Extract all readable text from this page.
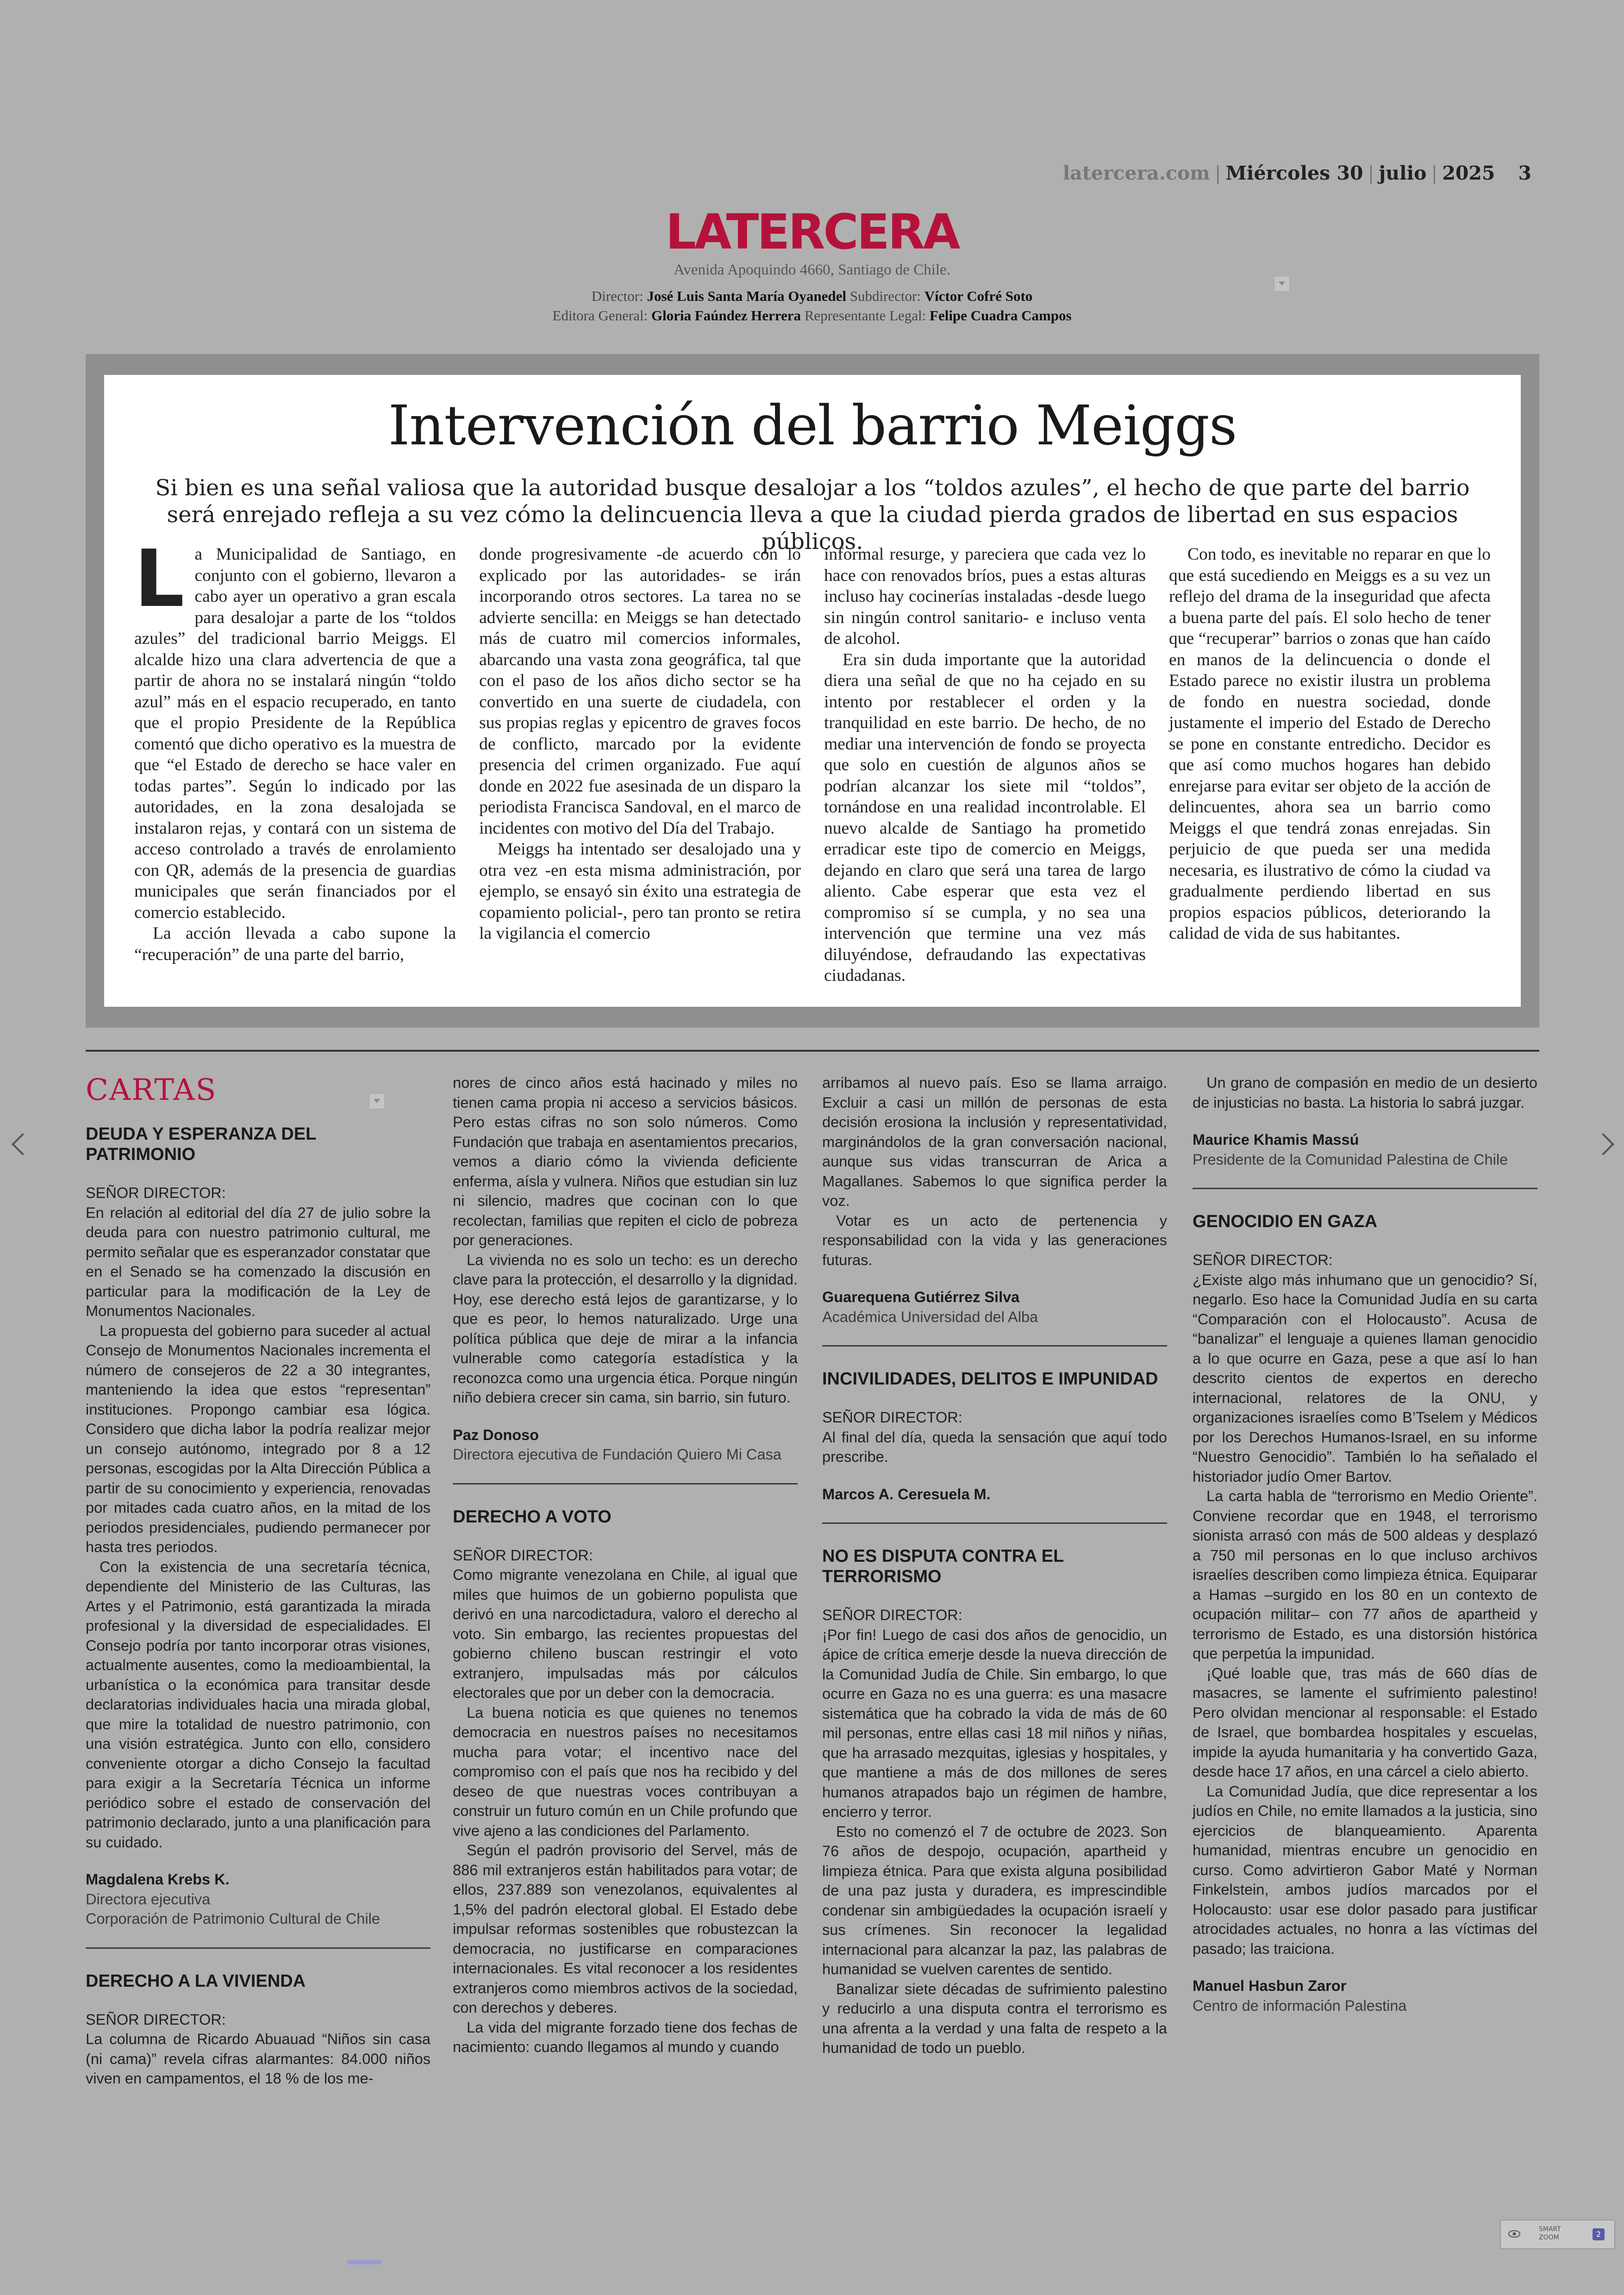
latercera.com | Miércoles 30 | julio | 2025 3
LATERCERA
Avenida Apoquindo 4660, Santiago de Chile.
Director: José Luis Santa María Oyanedel Subdirector: Víctor Cofré Soto
Editora General: Gloria Faúndez Herrera Representante Legal: Felipe Cuadra Campos
Intervención del barrio Meiggs
Si bien es una señal valiosa que la autoridad busque desalojar a los “toldos azules”, el hecho de que parte del barrio será enrejado refleja a su vez cómo la delincuencia lleva a que la ciudad pierda grados de libertad en sus espacios públicos.

La Municipalidad de Santiago, en conjunto con el gobierno, llevaron a cabo ayer un operativo a gran escala para desalojar a parte de los “toldos azules” del tradicional barrio Meiggs. El alcalde hizo una clara advertencia de que a partir de ahora no se instalará ningún “toldo azul” más en el espacio recuperado, en tanto que el propio Presidente de la República comentó que dicho operativo es la muestra de que “el Estado de derecho se hace valer en todas partes”. Según lo indicado por las autoridades, en la zona desalojada se instalaron rejas, y contará con un sistema de acceso controlado a través de enrolamiento con QR, además de la presencia de guardias municipales que serán financiados por el comercio establecido.

La acción llevada a cabo supone la “recuperación” de una parte del barrio,

donde progresivamente -de acuerdo con lo explicado por las autoridades- se irán incorporando otros sectores. La tarea no se advierte sencilla: en Meiggs se han detectado más de cuatro mil comercios informales, abarcando una vasta zona geográfica, tal que con el paso de los años dicho sector se ha convertido en una suerte de ciudadela, con sus propias reglas y epicentro de graves focos de conflicto, marcado por la evidente presencia del crimen organizado. Fue aquí donde en 2022 fue asesinada de un disparo la periodista Francisca Sandoval, en el marco de incidentes con motivo del Día del Trabajo.

Meiggs ha intentado ser desalojado una y otra vez -en esta misma administración, por ejemplo, se ensayó sin éxito una estrategia de copamiento policial-, pero tan pronto se retira la vigilancia el comercio

informal resurge, y pareciera que cada vez lo hace con renovados bríos, pues a estas alturas incluso hay cocinerías instaladas -desde luego sin ningún control sanitario- e incluso venta de alcohol.

Era sin duda importante que la autoridad diera una señal de que no ha cejado en su intento por restablecer el orden y la tranquilidad en este barrio. De hecho, de no mediar una intervención de fondo se proyecta que solo en cuestión de algunos años se podrían alcanzar los siete mil “toldos”, tornándose en una realidad incontrolable. El nuevo alcalde de Santiago ha prometido erradicar este tipo de comercio en Meiggs, dejando en claro que será una tarea de largo aliento. Cabe esperar que esta vez el compromiso sí se cumpla, y no sea una intervención que termine una vez más diluyéndose, defraudando las expectativas ciudadanas.

Con todo, es inevitable no reparar en que lo que está sucediendo en Meiggs es a su vez un reflejo del drama de la inseguridad que afecta a buena parte del país. El solo hecho de tener que “recuperar” barrios o zonas que han caído en manos de la delincuencia o donde el Estado parece no existir ilustra un problema de fondo en nuestra sociedad, donde justamente el imperio del Estado de Derecho se pone en constante entredicho. Decidor es que así como muchos hogares han debido enrejarse para evitar ser objeto de la acción de delincuentes, ahora sea un barrio como Meiggs el que tendrá zonas enrejadas. Sin perjuicio de que pueda ser una medida necesaria, es ilustrativo de cómo la ciudad va gradualmente perdiendo libertad en sus propios espacios públicos, deteriorando la calidad de vida de sus habitantes.

CARTAS
DEUDA Y ESPERANZA DEL PATRIMONIO

SEÑOR DIRECTOR:

En relación al editorial del día 27 de julio sobre la deuda para con nuestro patrimonio cultural, me permito señalar que es esperanzador constatar que en el Senado se ha comenzado la discusión en particular para la modificación de la Ley de Monumentos Nacionales.

La propuesta del gobierno para suceder al actual Consejo de Monumentos Nacionales incrementa el número de consejeros de 22 a 30 integrantes, manteniendo la idea que estos “representan” instituciones. Propongo cambiar esa lógica. Considero que dicha labor la podría realizar mejor un consejo autónomo, integrado por 8 a 12 personas, escogidas por la Alta Dirección Pública a partir de su conocimiento y experiencia, renovadas por mitades cada cuatro años, en la mitad de los periodos presidenciales, pudiendo permanecer por hasta tres periodos.

Con la existencia de una secretaría técnica, dependiente del Ministerio de las Culturas, las Artes y el Patrimonio, está garantizada la mirada profesional y la diversidad de especialidades. El Consejo podría por tanto incorporar otras visiones, actualmente ausentes, como la medioambiental, la urbanística o la económica para transitar desde declaratorias individuales hacia una mirada global, que mire la totalidad de nuestro patrimonio, con una visión estratégica. Junto con ello, considero conveniente otorgar a dicho Consejo la facultad para exigir a la Secretaría Técnica un informe periódico sobre el estado de conservación del patrimonio declarado, junto a una planificación para su cuidado.

Magdalena Krebs K.

Directora ejecutiva

Corporación de Patrimonio Cultural de Chile

DERECHO A LA VIVIENDA

SEÑOR DIRECTOR:

La columna de Ricardo Abuauad “Niños sin casa (ni cama)” revela cifras alarmantes: 84.000 niños viven en campamentos, el 18 % de los me-

nores de cinco años está hacinado y miles no tienen cama propia ni acceso a servicios básicos. Pero estas cifras no son solo números. Como Fundación que trabaja en asentamientos precarios, vemos a diario cómo la vivienda deficiente enferma, aísla y vulnera. Niños que estudian sin luz ni silencio, madres que cocinan con lo que recolectan, familias que repiten el ciclo de pobreza por generaciones.

La vivienda no es solo un techo: es un derecho clave para la protección, el desarrollo y la dignidad. Hoy, ese derecho está lejos de garantizarse, y lo que es peor, lo hemos naturalizado. Urge una política pública que deje de mirar a la infancia vulnerable como categoría estadística y la reconozca como una urgencia ética. Porque ningún niño debiera crecer sin cama, sin barrio, sin futuro.

Paz Donoso

Directora ejecutiva de Fundación Quiero Mi Casa

DERECHO A VOTO

SEÑOR DIRECTOR:

Como migrante venezolana en Chile, al igual que miles que huimos de un gobierno populista que derivó en una narcodictadura, valoro el derecho al voto. Sin embargo, las recientes propuestas del gobierno chileno buscan restringir el voto extranjero, impulsadas más por cálculos electorales que por un deber con la democracia.

La buena noticia es que quienes no tenemos democracia en nuestros países no necesitamos mucha para votar; el incentivo nace del compromiso con el país que nos ha recibido y del deseo de que nuestras voces contribuyan a construir un futuro común en un Chile profundo que vive ajeno a las condiciones del Parlamento.

Según el padrón provisorio del Servel, más de 886 mil extranjeros están habilitados para votar; de ellos, 237.889 son venezolanos, equivalentes al 1,5% del padrón electoral global. El Estado debe impulsar reformas sostenibles que robustezcan la democracia, no justificarse en comparaciones internacionales. Es vital reconocer a los residentes extranjeros como miembros activos de la sociedad, con derechos y deberes.

La vida del migrante forzado tiene dos fechas de nacimiento: cuando llegamos al mundo y cuando

arribamos al nuevo país. Eso se llama arraigo. Excluir a casi un millón de personas de esta decisión erosiona la inclusión y representatividad, marginándolos de la gran conversación nacional, aunque sus vidas transcurran de Arica a Magallanes. Sabemos lo que significa perder la voz.

Votar es un acto de pertenencia y responsabilidad con la vida y las generaciones futuras.

Guarequena Gutiérrez Silva

Académica Universidad del Alba

INCIVILIDADES, DELITOS E IMPUNIDAD

SEÑOR DIRECTOR:

Al final del día, queda la sensación que aquí todo prescribe.

Marcos A. Ceresuela M.

NO ES DISPUTA CONTRA EL TERRORISMO

SEÑOR DIRECTOR:

¡Por fin! Luego de casi dos años de genocidio, un ápice de crítica emerje desde la nueva dirección de la Comunidad Judía de Chile. Sin embargo, lo que ocurre en Gaza no es una guerra: es una masacre sistemática que ha cobrado la vida de más de 60 mil personas, entre ellas casi 18 mil niños y niñas, que ha arrasado mezquitas, iglesias y hospitales, y que mantiene a más de dos millones de seres humanos atrapados bajo un régimen de hambre, encierro y terror.

Esto no comenzó el 7 de octubre de 2023. Son 76 años de despojo, ocupación, apartheid y limpieza étnica. Para que exista alguna posibilidad de una paz justa y duradera, es imprescindible condenar sin ambigüedades la ocupación israelí y sus crímenes. Sin reconocer la legalidad internacional para alcanzar la paz, las palabras de humanidad se vuelven carentes de sentido.

Banalizar siete décadas de sufrimiento palestino y reducirlo a una disputa contra el terrorismo es una afrenta a la verdad y una falta de respeto a la humanidad de todo un pueblo.

Un grano de compasión en medio de un desierto de injusticias no basta. La historia lo sabrá juzgar.

Maurice Khamis Massú

Presidente de la Comunidad Palestina de Chile

GENOCIDIO EN GAZA

SEÑOR DIRECTOR:

¿Existe algo más inhumano que un genocidio? Sí, negarlo. Eso hace la Comunidad Judía en su carta “Comparación con el Holocausto”. Acusa de “banalizar” el lenguaje a quienes llaman genocidio a lo que ocurre en Gaza, pese a que así lo han descrito cientos de expertos en derecho internacional, relatores de la ONU, y organizaciones israelíes como B’Tselem y Médicos por los Derechos Humanos-Israel, en su informe “Nuestro Genocidio”. También lo ha señalado el historiador judío Omer Bartov.

La carta habla de “terrorismo en Medio Oriente”. Conviene recordar que en 1948, el terrorismo sionista arrasó con más de 500 aldeas y desplazó a 750 mil personas en lo que incluso archivos israelíes describen como limpieza étnica. Equiparar a Hamas –surgido en los 80 en un contexto de ocupación militar– con 77 años de apartheid y terrorismo de Estado, es una distorsión histórica que perpetúa la impunidad.

¡Qué loable que, tras más de 660 días de masacres, se lamente el sufrimiento palestino! Pero olvidan mencionar al responsable: el Estado de Israel, que bombardea hospitales y escuelas, impide la ayuda humanitaria y ha convertido Gaza, desde hace 17 años, en una cárcel a cielo abierto.

La Comunidad Judía, que dice representar a los judíos en Chile, no emite llamados a la justicia, sino ejercicios de blanqueamiento. Aparenta humanidad, mientras encubre un genocidio en curso. Como advirtieron Gabor Maté y Norman Finkelstein, ambos judíos marcados por el Holocausto: usar ese dolor pasado para justificar atrocidades actuales, no honra a las víctimas del pasado; las traiciona.

Manuel Hasbun Zaror

Centro de información Palestina

SMART
ZOOM	2
